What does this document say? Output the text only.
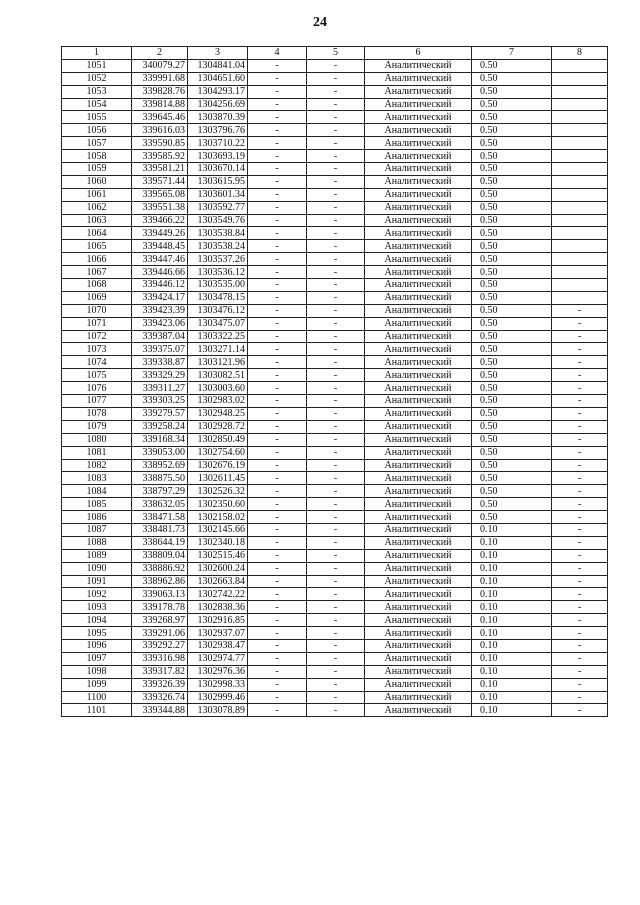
24
1	2	3	4	5	6	7	8
1051	340079.27	1304841.04	-	-	Аналитический	0.50	
1052	339991.68	1304651.60	-	-	Аналитический	0.50	
1053	339828.76	1304293.17	-	-	Аналитический	0.50	
1054	339814.88	1304256.69	-	-	Аналитический	0.50	
1055	339645.46	1303870.39	-	-	Аналитический	0.50	
1056	339616.03	1303796.76	-	-	Аналитический	0.50	
1057	339590.85	1303710.22	-	-	Аналитический	0.50	
1058	339585.92	1303693.19	-	-	Аналитический	0.50	
1059	339581.21	1303670.14	-	-	Аналитический	0.50	
1060	339571.44	1303615.95	-	-	Аналитический	0.50	
1061	339565.08	1303601.34	-	-	Аналитический	0.50	
1062	339551.38	1303592.77	-	-	Аналитический	0.50	
1063	339466.22	1303549.76	-	-	Аналитический	0.50	
1064	339449.26	1303538.84	-	-	Аналитический	0.50	
1065	339448.45	1303538.24	-	-	Аналитический	0.50	
1066	339447.46	1303537.26	-	-	Аналитический	0.50	
1067	339446.66	1303536.12	-	-	Аналитический	0.50	
1068	339446.12	1303535.00	-	-	Аналитический	0.50	
1069	339424.17	1303478.15	-	-	Аналитический	0.50	
1070	339423.39	1303476.12	-	-	Аналитический	0.50	-
1071	339423.06	1303475.07	-	-	Аналитический	0.50	-
1072	339387.04	1303322.25	-	-	Аналитический	0.50	-
1073	339375.07	1303271.14	-	-	Аналитический	0.50	-
1074	339338.87	1303121.96	-	-	Аналитический	0.50	-
1075	339329.29	1303082.51	-	-	Аналитический	0.50	-
1076	339311.27	1303003.60	-	-	Аналитический	0.50	-
1077	339303.25	1302983.02	-	-	Аналитический	0.50	-
1078	339279.57	1302948.25	-	-	Аналитический	0.50	-
1079	339258.24	1302928.72	-	-	Аналитический	0.50	-
1080	339168.34	1302850.49	-	-	Аналитический	0.50	-
1081	339053.00	1302754.60	-	-	Аналитический	0.50	-
1082	338952.69	1302676.19	-	-	Аналитический	0.50	-
1083	338875.50	1302611.45	-	-	Аналитический	0.50	-
1084	338797.29	1302526.32	-	-	Аналитический	0.50	-
1085	338632.05	1302350.60	-	-	Аналитический	0.50	-
1086	338471.58	1302158.02	-	-	Аналитический	0.50	-
1087	338481.73	1302145.66	-	-	Аналитический	0.10	-
1088	338644.19	1302340.18	-	-	Аналитический	0.10	-
1089	338809.04	1302515.46	-	-	Аналитический	0.10	-
1090	338886.92	1302600.24	-	-	Аналитический	0.10	-
1091	338962.86	1302663.84	-	-	Аналитический	0.10	-
1092	339063.13	1302742.22	-	-	Аналитический	0.10	-
1093	339178.78	1302838.36	-	-	Аналитический	0.10	-
1094	339268.97	1302916.85	-	-	Аналитический	0.10	-
1095	339291.06	1302937.07	-	-	Аналитический	0.10	-
1096	339292.27	1302938.47	-	-	Аналитический	0.10	-
1097	339316.98	1302974.77	-	-	Аналитический	0.10	-
1098	339317.82	1302976.36	-	-	Аналитический	0.10	-
1099	339326.39	1302998.33	-	-	Аналитический	0.10	-
1100	339326.74	1302999.46	-	-	Аналитический	0.10	-
1101	339344.88	1303078.89	-	-	Аналитический	0.10	-
